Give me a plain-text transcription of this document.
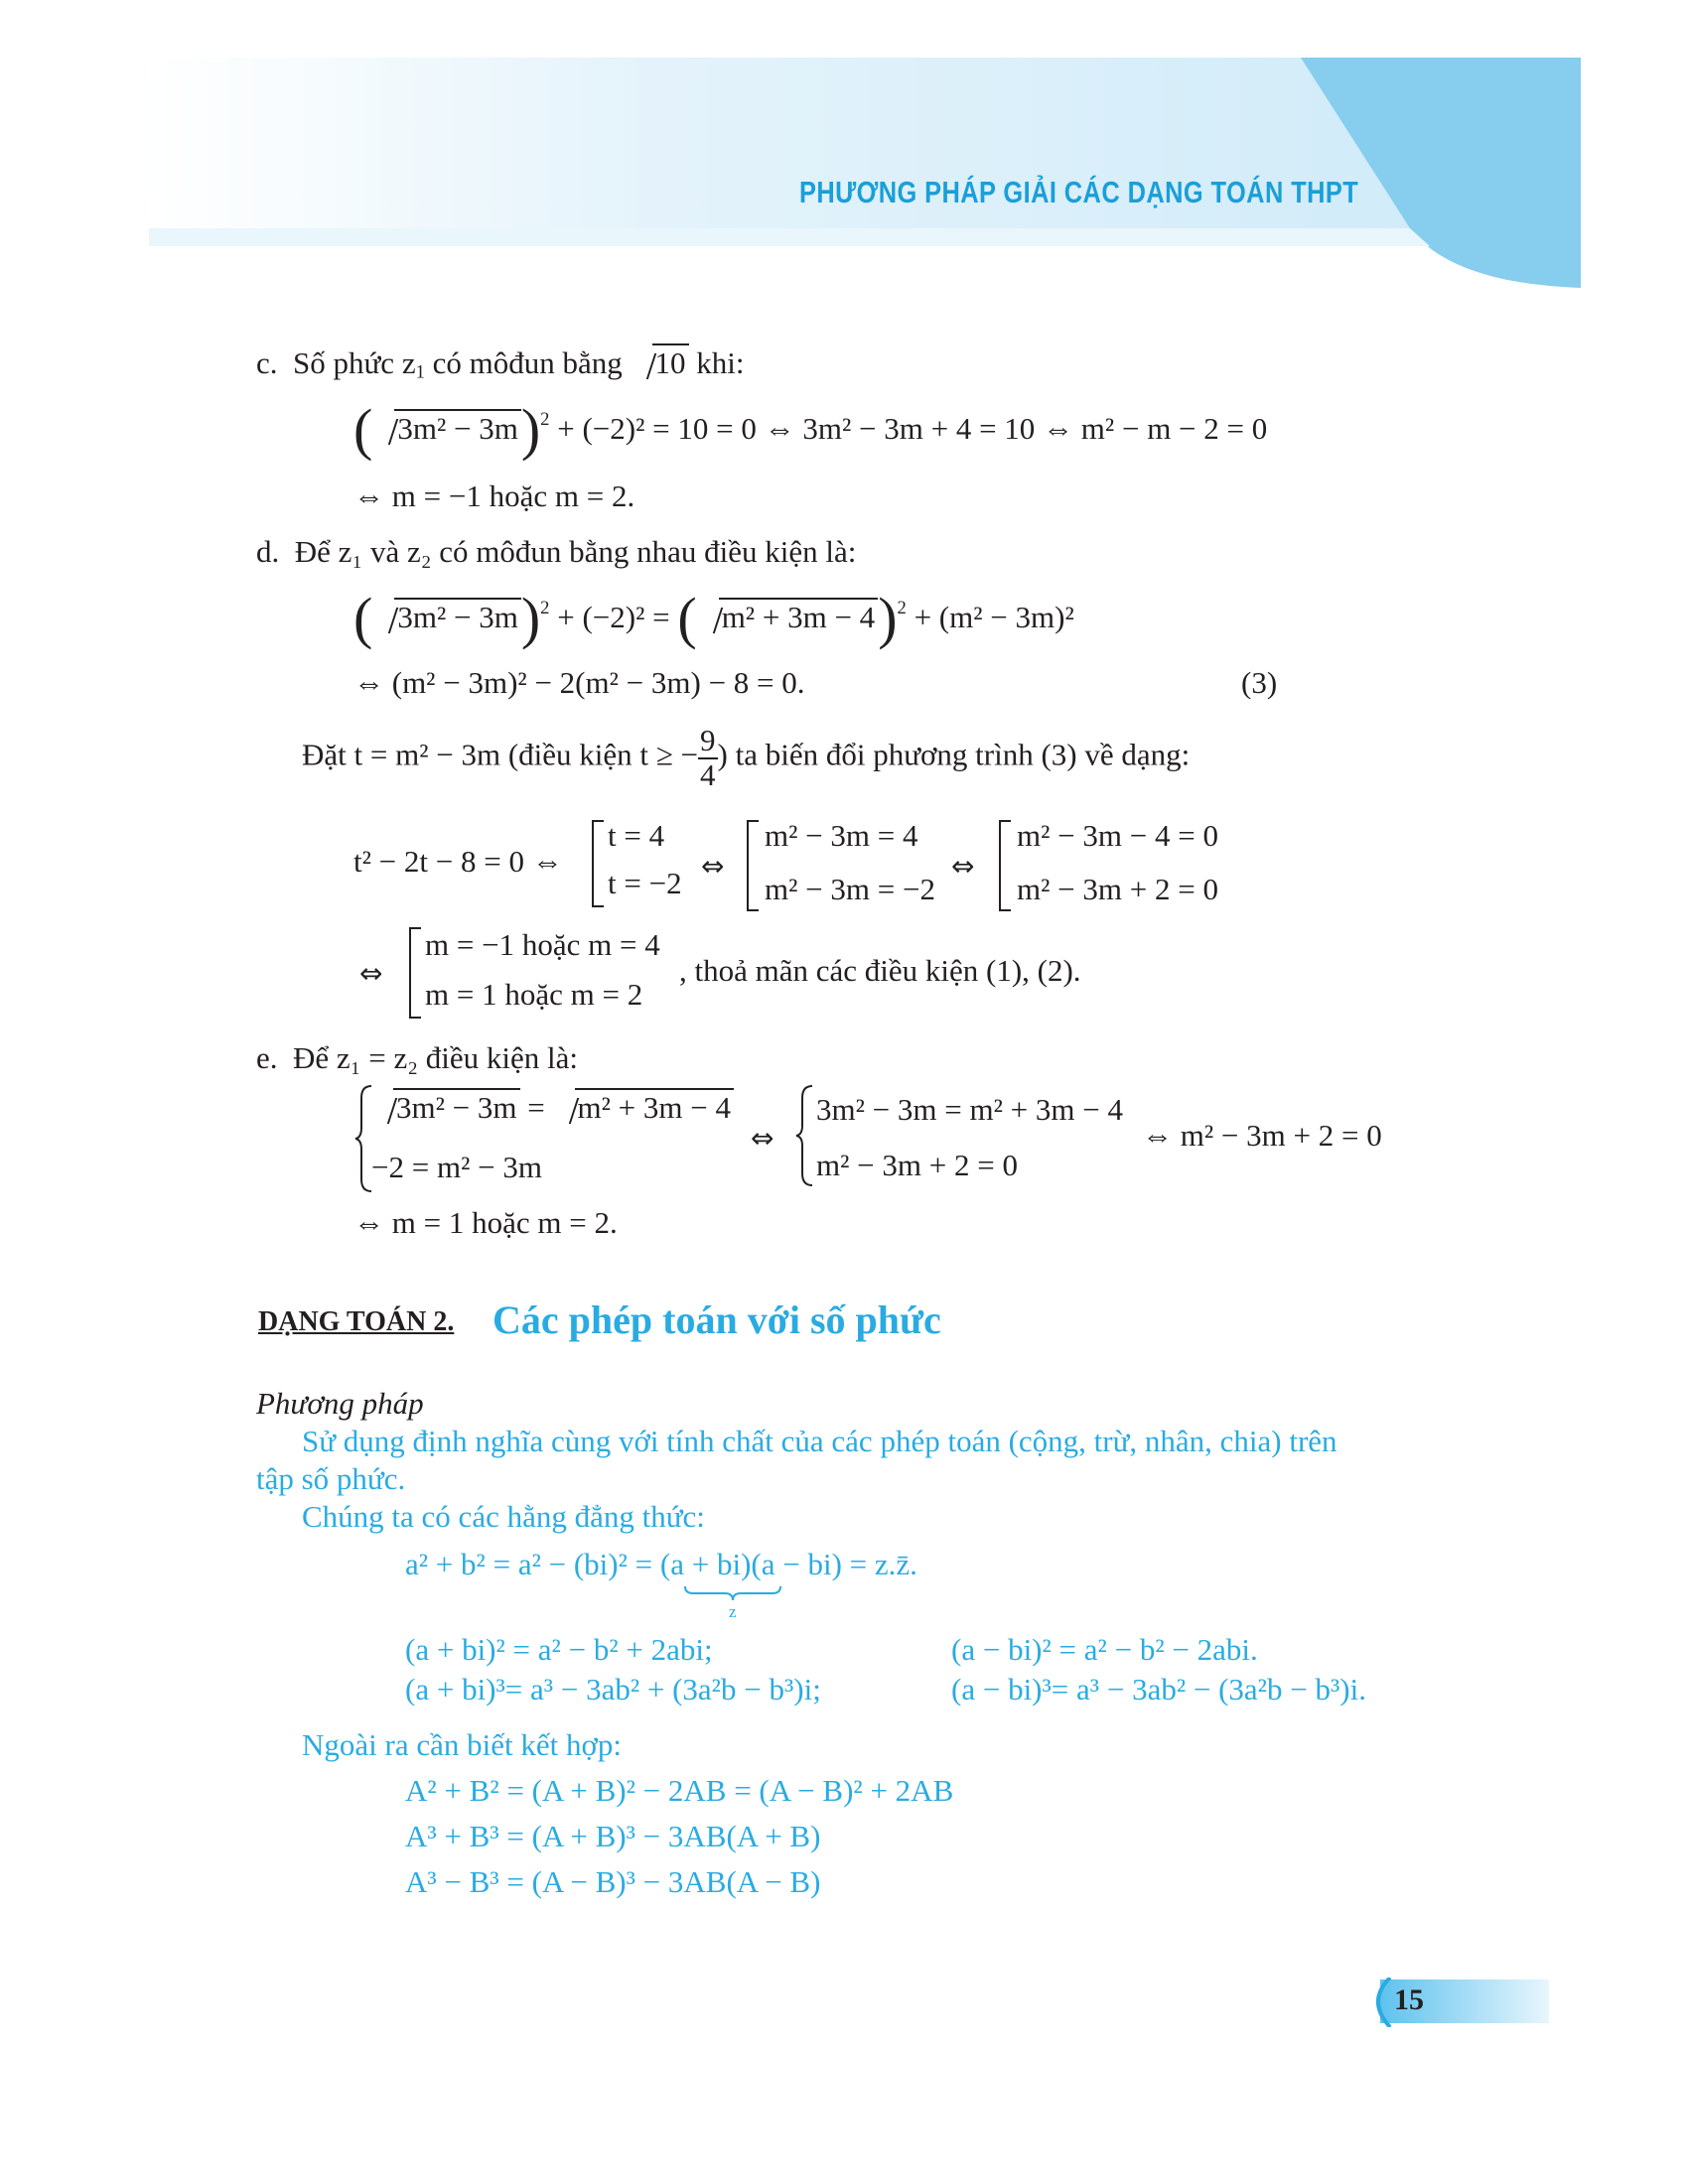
PHƯƠNG PHÁP GIẢI CÁC DẠNG TOÁN THPT
c. Số phức $z_1$ có môđun bằng 10 khi:
( 3m² − 3m)$^2$ + (−2)² = 10 = 0 ⇔ 3m² − 3m + 4 = 10 ⇔ m² − m − 2 = 0
⇔ m = −1 hoặc m = 2.
d. Để z₁ và z₂ có môđun bằng nhau điều kiện là:
( 3m² − 3m)$^2$ + (−2)² = ( m² + 3m − 4)$^2$ + (m² − 3m)²
⇔ (m² − 3m)² − 2(m² − 3m) − 8 = 0.	(3)
Đặt t = m² − 3m (điều kiện t ≥ − $\frac{9}{4}$ ) ta biến đổi phương trình (3) về dạng:
t² − 2t − 8 = 0 ⇔
t = 4
t = −2 ⇔
m² − 3m = 4
m² − 3m = −2
⇔
m² − 3m − 4 = 0
m² − 3m + 2 = 0
⇔
m = −1 hoặc m = 4
m = 1 hoặc m = 2
, thoả mãn các điều kiện (1), (2).
e. Để z₁ = z₂ điều kiện là:
3m² − 3m = m² + 3m − 4
−2 = m² − 3m
⇔
3m² − 3m = m² + 3m − 4
m² − 3m + 2 = 0
⇔ m² − 3m + 2 = 0
⇔ m = 1 hoặc m = 2.
DẠNG TOÁN 2. Các phép toán với số phức
Phương pháp
Sử dụng định nghĩa cùng với tính chất của các phép toán (cộng, trừ, nhân, chia) trên
tập số phức.
Chúng ta có các hằng đẳng thức:
a² + b² = a² − (bi)² = (a + bi)(a − bi) = z.z̄.
z
(a + bi)² = a² − b² + 2abi;	(a − bi)² = a² − b² − 2abi.
(a + bi)³= a³ − 3ab² + (3a²b − b³)i;	(a − bi)³= a³ − 3ab² − (3a²b − b³)i.
Ngoài ra cần biết kết hợp:
A² + B² = (A + B)² − 2AB = (A − B)² + 2AB
A³ + B³ = (A + B)³ − 3AB(A + B)
A³ − B³ = (A − B)³ − 3AB(A − B)
15
